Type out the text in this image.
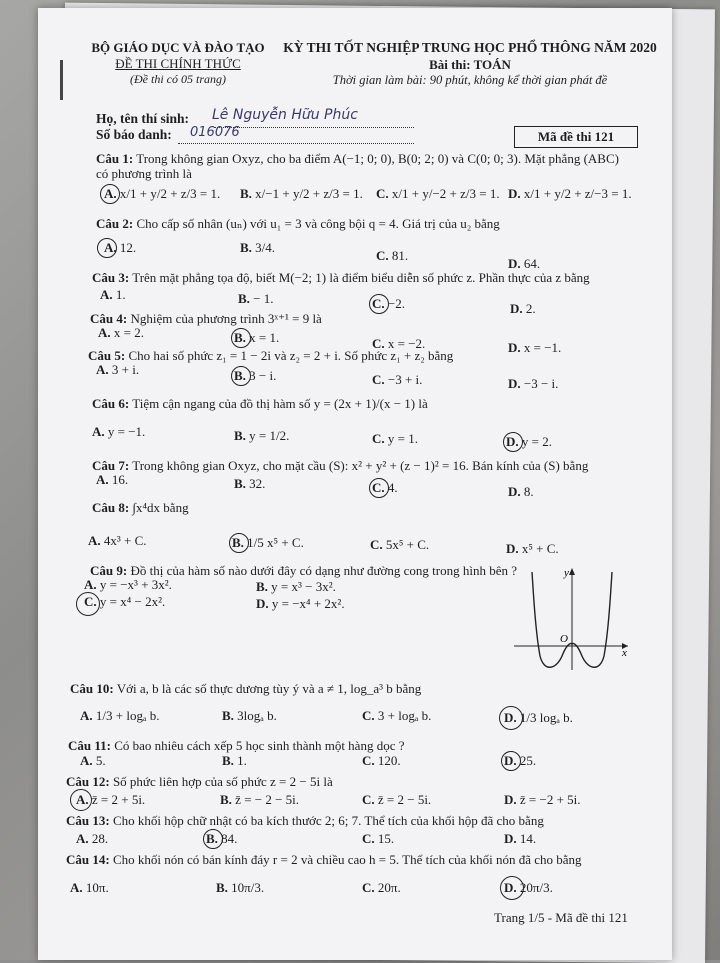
BỘ GIÁO DỤC VÀ ĐÀO TẠO
ĐỀ THI CHÍNH THỨC
(Đề thi có 05 trang)
KỲ THI TỐT NGHIỆP TRUNG HỌC PHỔ THÔNG NĂM 2020
Bài thi: TOÁN
Thời gian làm bài: 90 phút, không kể thời gian phát đề
Họ, tên thí sinh: Lê Nguyễn Hữu Phúc
Số báo danh: 016076	Mã đề thi 121
Câu 1: Trong không gian Oxyz, cho ba điểm A(−1; 0; 0), B(0; 2; 0) và C(0; 0; 3). Mặt phẳng (ABC)
có phương trình là
A. x/1 + y/2 + z/3 = 1. B. x/−1 + y/2 + z/3 = 1. C. x/1 + y/−2 + z/3 = 1. D. x/1 + y/2 + z/−3 = 1.
Câu 2: Cho cấp số nhân (uₙ) với u₁ = 3 và công bội q = 4. Giá trị của u₂ bằng
A. 12.	B. 3/4.
C. 81.
D. 64.
Câu 3: Trên mặt phẳng tọa độ, biết M(−2; 1) là điểm biểu diễn số phức z. Phần thực của z bằng
A. 1.	B. − 1.	C. −2.	D. 2.
Câu 4: Nghiệm của phương trình 3ˣ⁺¹ = 9 là
A. x = 2.	B. x = 1.	C. x = −2.	D. x = −1.
Câu 5: Cho hai số phức z₁ = 1 − 2i và z₂ = 2 + i. Số phức z₁ + z₂ bằng
A. 3 + i.	B. 3 − i.	C. −3 + i.	D. −3 − i.
Câu 6: Tiệm cận ngang của đồ thị hàm số y = (2x + 1)/(x − 1) là
A. y = −1.	B. y = 1/2.	C. y = 1.	D. y = 2.
Câu 7: Trong không gian Oxyz, cho mặt cầu (S): x² + y² + (z − 1)² = 16. Bán kính của (S) bằng
A. 16.	B. 32.	C. 4.	D. 8.
Câu 8: ∫x⁴dx bằng
A. 4x³ + C.	B. 1/5 x⁵ + C.	C. 5x⁵ + C.	D. x⁵ + C.
Câu 9: Đồ thị của hàm số nào dưới đây có dạng như đường cong trong hình bên ?
A. y = −x³ + 3x².	B. y = x³ − 3x².
C. y = x⁴ − 2x².	D. y = −x⁴ + 2x².
y
x
O
Câu 10: Với a, b là các số thực dương tùy ý và a ≠ 1, log_a³ b bằng
A. 1/3 + logₐ b.	B. 3logₐ b.	C. 3 + logₐ b.	D. 1/3 logₐ b.
Câu 11: Có bao nhiêu cách xếp 5 học sinh thành một hàng dọc ?
A. 5.	B. 1.	C. 120.	D. 25.
Câu 12: Số phức liên hợp của số phức z = 2 − 5i là
A. z̄ = 2 + 5i.	B. z̄ = − 2 − 5i.	C. z̄ = 2 − 5i.	D. z̄ = −2 + 5i.
Câu 13: Cho khối hộp chữ nhật có ba kích thước 2; 6; 7. Thể tích của khối hộp đã cho bằng
A. 28.	B. 84.	C. 15.	D. 14.
Câu 14: Cho khối nón có bán kính đáy r = 2 và chiều cao h = 5. Thể tích của khối nón đã cho bằng
A. 10π.	B. 10π/3.	C. 20π.	D. 20π/3.
Trang 1/5 - Mã đề thi 121
